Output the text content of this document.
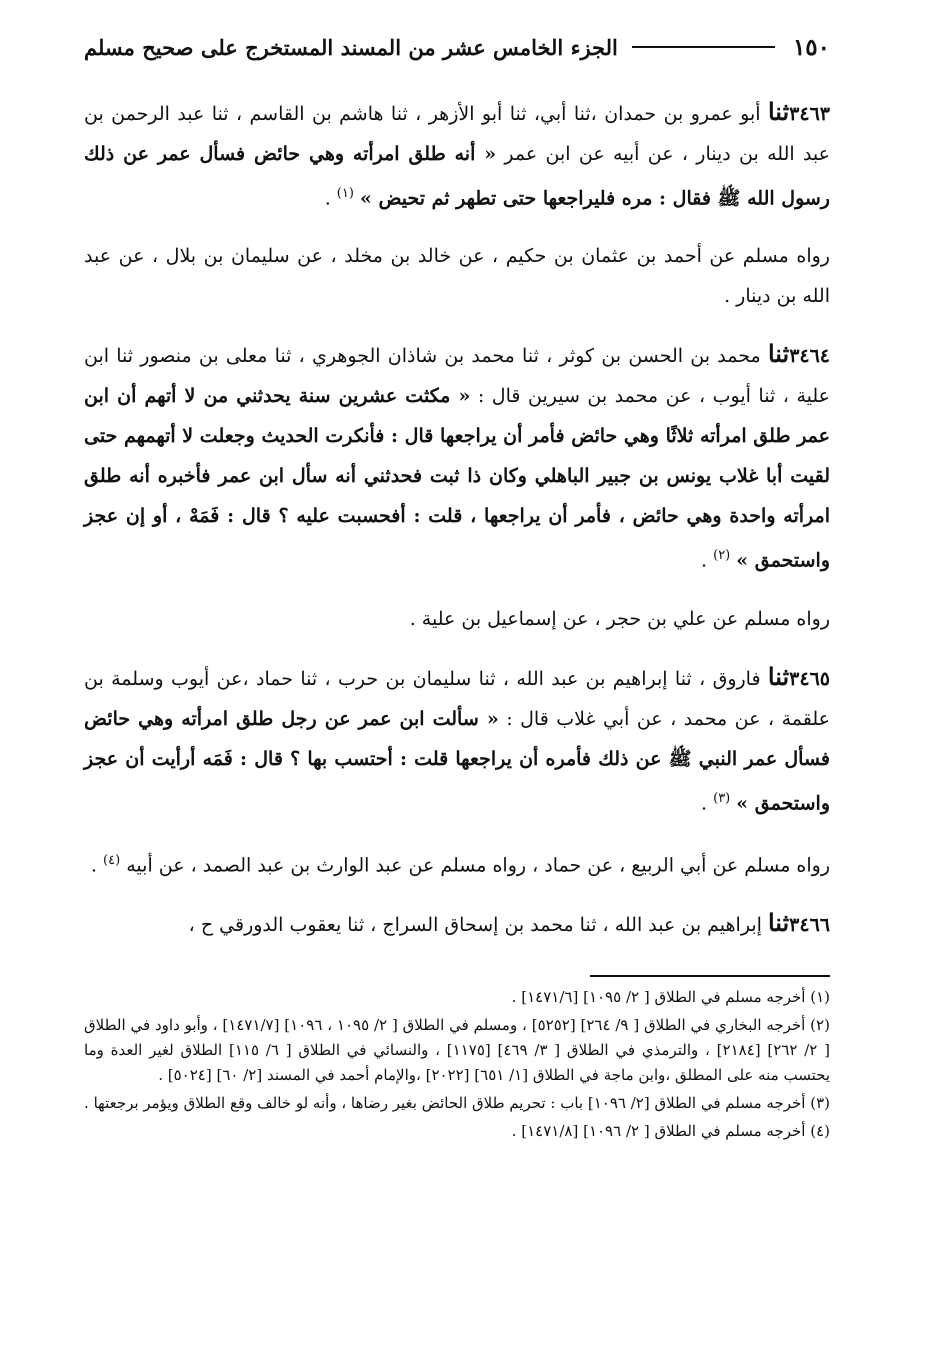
١٥٠
الجزء الخامس عشر من المسند المستخرج على صحيح مسلم

٣٤٦٣ثنا أبو عمرو بن حمدان ،ثنا أبي، ثنا أبو الأزهر ، ثنا هاشم بن القاسم ، ثنا عبد الرحمن بن عبد الله بن دينار ، عن أبيه عن ابن عمر « أنه طلق امرأته وهي حائض فسأل عمر عن ذلك رسول الله ﷺ فقال : مره فليراجعها حتى تطهر ثم تحيض » $^{(١)}$ .

رواه مسلم عن أحمد بن عثمان بن حكيم ، عن خالد بن مخلد ، عن سليمان بن بلال ، عن عبد الله بن دينار .

٣٤٦٤ثنا محمد بن الحسن بن كوثر ، ثنا محمد بن شاذان الجوهري ، ثنا معلى بن منصور ثنا ابن علية ، ثنا أيوب ، عن محمد بن سيرين قال : « مكثت عشرين سنة يحدثني من لا أتهم أن ابن عمر طلق امرأته ثلاثًا وهي حائض فأمر أن يراجعها قال : فأنكرت الحديث وجعلت لا أتهمهم حتى لقيت أبا غلاب يونس بن جبير الباهلي وكان ذا ثبت فحدثني أنه سأل ابن عمر فأخبره أنه طلق امرأته واحدة وهي حائض ، فأمر أن يراجعها ، قلت : أفحسبت عليه ؟ قال : فَمَهْ ، أو إن عجز واستحمق » $^{(٢)}$ .

رواه مسلم عن علي بن حجر ، عن إسماعيل بن علية .

٣٤٦٥ثنا فاروق ، ثنا إبراهيم بن عبد الله ، ثنا سليمان بن حرب ، ثنا حماد ،عن أيوب وسلمة بن علقمة ، عن محمد ، عن أبي غلاب قال : « سألت ابن عمر عن رجل طلق امرأته وهي حائض فسأل عمر النبي ﷺ عن ذلك فأمره أن يراجعها قلت : أحتسب بها ؟ قال : فَمَه أرأيت أن عجز واستحمق » $^{(٣)}$ .

رواه مسلم عن أبي الربيع ، عن حماد ، رواه مسلم عن عبد الوارث بن عبد الصمد ، عن أبيه $^{(٤)}$ .

٣٤٦٦ثنا إبراهيم بن عبد الله ، ثنا محمد بن إسحاق السراج ، ثنا يعقوب الدورقي ح ،

(١) أخرجه مسلم في الطلاق [ ٢/ ١٠٩٥] [١٤٧١/٦] .

(٢) أخرجه البخاري في الطلاق [ ٩/ ٢٦٤] [٥٢٥٢] ، ومسلم في الطلاق [ ٢/ ١٠٩٥ ، ١٠٩٦] [١٤٧١/٧] ، وأبو داود في الطلاق [ ٢/ ٢٦٢] [٢١٨٤] ، والترمذي في الطلاق [ ٣/ ٤٦٩] [١١٧٥] ، والنسائي في الطلاق [ ٦/ ١١٥] الطلاق لغير العدة وما يحتسب منه على المطلق ،وابن ماجة في الطلاق [١/ ٦٥١] [٢٠٢٢] ،والإمام أحمد في المسند [٢/ ٦٠] [٥٠٢٤] .

(٣) أخرجه مسلم في الطلاق [٢/ ١٠٩٦] باب : تحريم طلاق الحائض بغير رضاها ، وأنه لو خالف وقع الطلاق ويؤمر برجعتها .

(٤) أخرجه مسلم في الطلاق [ ٢/ ١٠٩٦] [١٤٧١/٨] .
